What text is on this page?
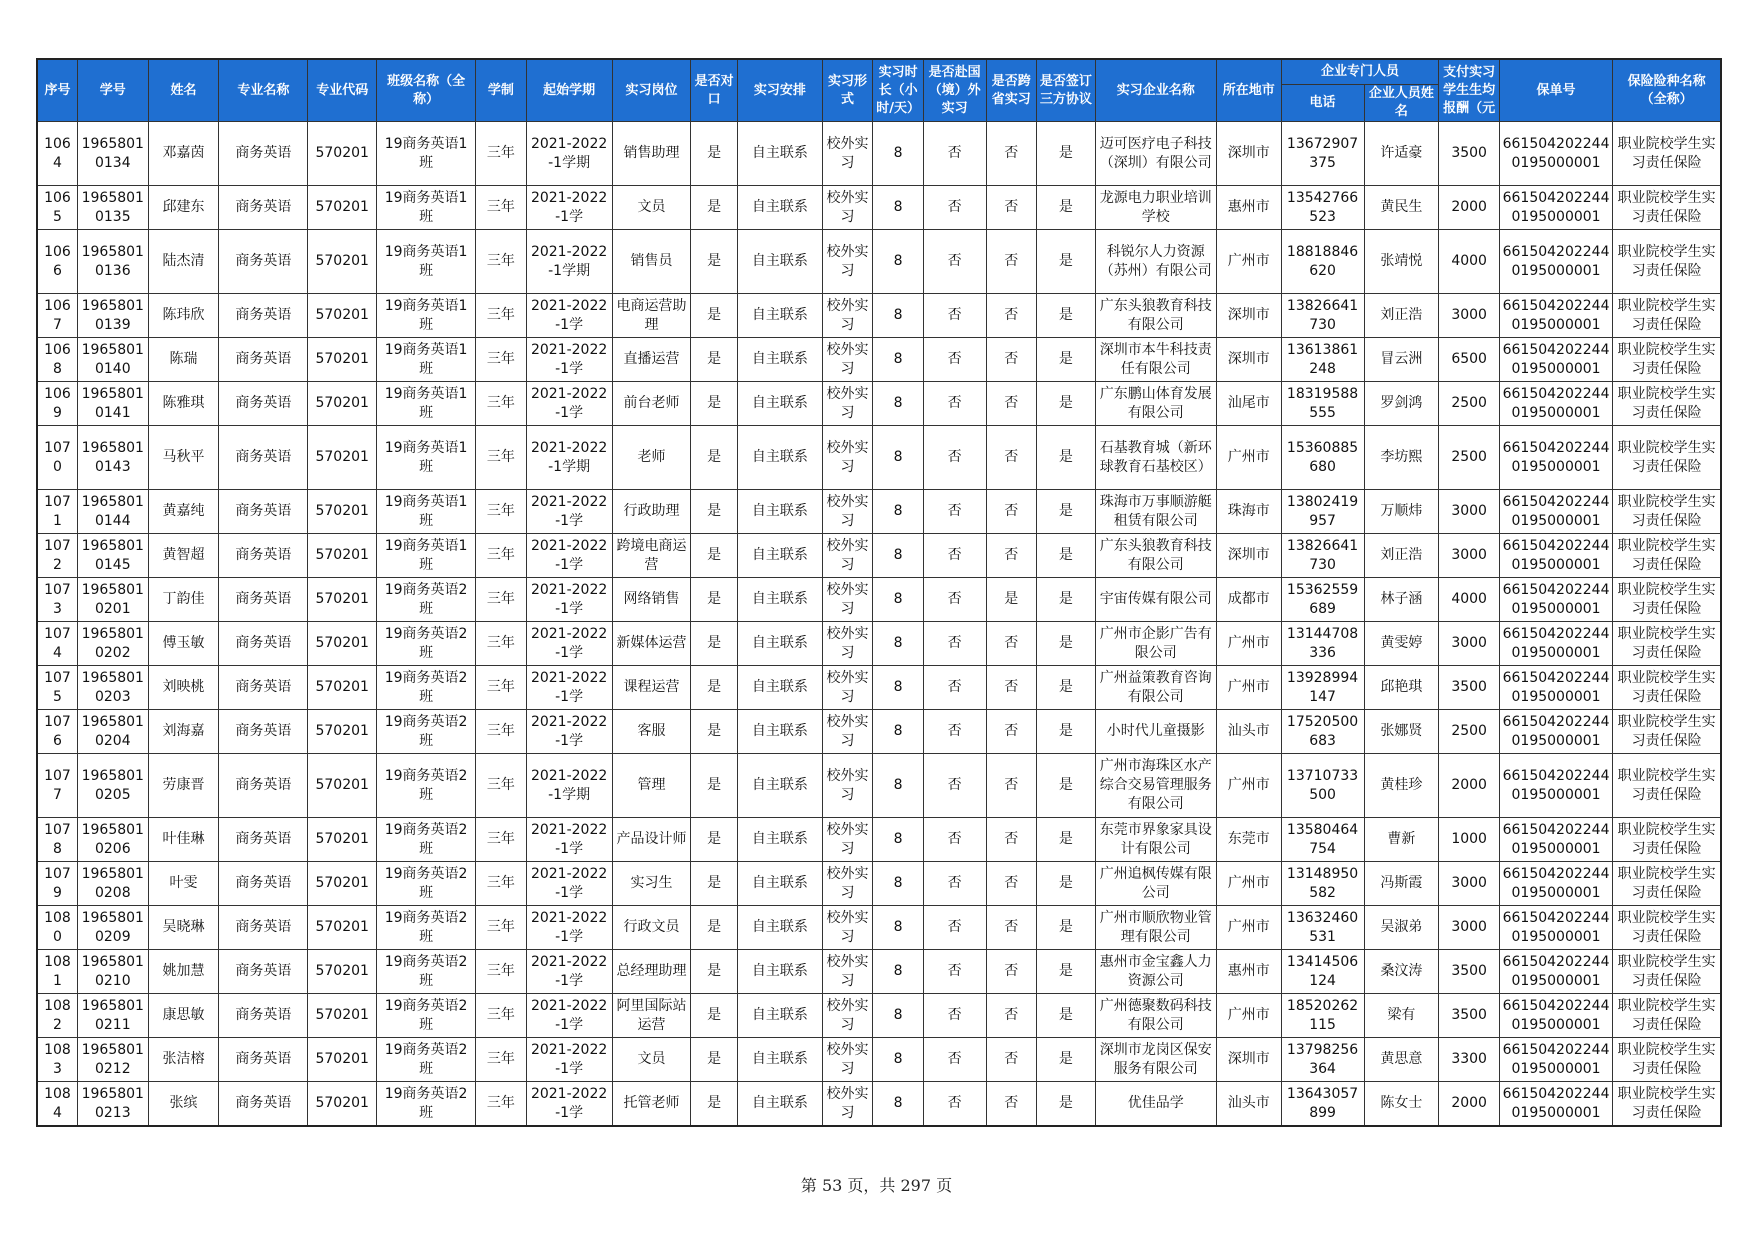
序号	学号	姓名	专业名称	专业代码	班级名称（全称）	学制	起始学期	实习岗位	是否对口	实习安排	实习形式	实习时长（小时/天）	是否赴国（境）外实习	是否跨省实习	是否签订三方协议	实习企业名称	所在地市	企业专门人员		支付实习学生生均报酬（元	保单号	保险险种名称（全称）
																		电话	企业人员姓名			
1064	19658010134	邓嘉茵	商务英语	570201	19商务英语1班	三年	2021-2022-1学期	销售助理	是	自主联系	校外实习	8	否	否	是	迈可医疗电子科技（深圳）有限公司	深圳市	13672907375	许适豪	3500	6615042022440195000001	职业院校学生实习责任保险
1065	19658010135	邱建东	商务英语	570201	19商务英语1班	三年	2021-2022-1学	文员	是	自主联系	校外实习	8	否	否	是	龙源电力职业培训学校	惠州市	13542766523	黄民生	2000	6615042022440195000001	职业院校学生实习责任保险
1066	19658010136	陆杰清	商务英语	570201	19商务英语1班	三年	2021-2022-1学期	销售员	是	自主联系	校外实习	8	否	否	是	科锐尔人力资源（苏州）有限公司	广州市	18818846620	张靖悦	4000	6615042022440195000001	职业院校学生实习责任保险
1067	19658010139	陈玮欣	商务英语	570201	19商务英语1班	三年	2021-2022-1学	电商运营助理	是	自主联系	校外实习	8	否	否	是	广东头狼教育科技有限公司	深圳市	13826641730	刘正浩	3000	6615042022440195000001	职业院校学生实习责任保险
1068	19658010140	陈瑞	商务英语	570201	19商务英语1班	三年	2021-2022-1学	直播运营	是	自主联系	校外实习	8	否	否	是	深圳市本牛科技责任有限公司	深圳市	13613861248	冒云洲	6500	6615042022440195000001	职业院校学生实习责任保险
1069	19658010141	陈雅琪	商务英语	570201	19商务英语1班	三年	2021-2022-1学	前台老师	是	自主联系	校外实习	8	否	否	是	广东鹏山体育发展有限公司	汕尾市	18319588555	罗剑鸿	2500	6615042022440195000001	职业院校学生实习责任保险
1070	19658010143	马秋平	商务英语	570201	19商务英语1班	三年	2021-2022-1学期	老师	是	自主联系	校外实习	8	否	否	是	石基教育城（新环球教育石基校区）	广州市	15360885680	李坊熙	2500	6615042022440195000001	职业院校学生实习责任保险
1071	19658010144	黄嘉纯	商务英语	570201	19商务英语1班	三年	2021-2022-1学	行政助理	是	自主联系	校外实习	8	否	否	是	珠海市万事顺游艇租赁有限公司	珠海市	13802419957	万顺炜	3000	6615042022440195000001	职业院校学生实习责任保险
1072	19658010145	黄智超	商务英语	570201	19商务英语1班	三年	2021-2022-1学	跨境电商运营	是	自主联系	校外实习	8	否	否	是	广东头狼教育科技有限公司	深圳市	13826641730	刘正浩	3000	6615042022440195000001	职业院校学生实习责任保险
1073	19658010201	丁韵佳	商务英语	570201	19商务英语2班	三年	2021-2022-1学	网络销售	是	自主联系	校外实习	8	否	是	是	宇宙传媒有限公司	成都市	15362559689	林子涵	4000	6615042022440195000001	职业院校学生实习责任保险
1074	19658010202	傅玉敏	商务英语	570201	19商务英语2班	三年	2021-2022-1学	新媒体运营	是	自主联系	校外实习	8	否	否	是	广州市企影广告有限公司	广州市	13144708336	黄雯婷	3000	6615042022440195000001	职业院校学生实习责任保险
1075	19658010203	刘映桃	商务英语	570201	19商务英语2班	三年	2021-2022-1学	课程运营	是	自主联系	校外实习	8	否	否	是	广州益策教育咨询有限公司	广州市	13928994147	邱艳琪	3500	6615042022440195000001	职业院校学生实习责任保险
1076	19658010204	刘海嘉	商务英语	570201	19商务英语2班	三年	2021-2022-1学	客服	是	自主联系	校外实习	8	否	否	是	小时代儿童摄影	汕头市	17520500683	张娜贤	2500	6615042022440195000001	职业院校学生实习责任保险
1077	19658010205	劳康晋	商务英语	570201	19商务英语2班	三年	2021-2022-1学期	管理	是	自主联系	校外实习	8	否	否	是	广州市海珠区水产综合交易管理服务有限公司	广州市	13710733500	黄桂珍	2000	6615042022440195000001	职业院校学生实习责任保险
1078	19658010206	叶佳琳	商务英语	570201	19商务英语2班	三年	2021-2022-1学	产品设计师	是	自主联系	校外实习	8	否	否	是	东莞市界象家具设计有限公司	东莞市	13580464754	曹新	1000	6615042022440195000001	职业院校学生实习责任保险
1079	19658010208	叶雯	商务英语	570201	19商务英语2班	三年	2021-2022-1学	实习生	是	自主联系	校外实习	8	否	否	是	广州追枫传媒有限公司	广州市	13148950582	冯斯霞	3000	6615042022440195000001	职业院校学生实习责任保险
1080	19658010209	吴晓琳	商务英语	570201	19商务英语2班	三年	2021-2022-1学	行政文员	是	自主联系	校外实习	8	否	否	是	广州市顺欣物业管理有限公司	广州市	13632460531	吴淑弟	3000	6615042022440195000001	职业院校学生实习责任保险
1081	19658010210	姚加慧	商务英语	570201	19商务英语2班	三年	2021-2022-1学	总经理助理	是	自主联系	校外实习	8	否	否	是	惠州市金宝鑫人力资源公司	惠州市	13414506124	桑汶涛	3500	6615042022440195000001	职业院校学生实习责任保险
1082	19658010211	康思敏	商务英语	570201	19商务英语2班	三年	2021-2022-1学	阿里国际站运营	是	自主联系	校外实习	8	否	否	是	广州德聚数码科技有限公司	广州市	18520262115	梁有	3500	6615042022440195000001	职业院校学生实习责任保险
1083	19658010212	张洁榕	商务英语	570201	19商务英语2班	三年	2021-2022-1学	文员	是	自主联系	校外实习	8	否	否	是	深圳市龙岗区保安服务有限公司	深圳市	13798256364	黄思意	3300	6615042022440195000001	职业院校学生实习责任保险
1084	19658010213	张缤	商务英语	570201	19商务英语2班	三年	2021-2022-1学	托管老师	是	自主联系	校外实习	8	否	否	是	优佳品学	汕头市	13643057899	陈女士	2000	6615042022440195000001	职业院校学生实习责任保险
第 53 页，共 297 页
